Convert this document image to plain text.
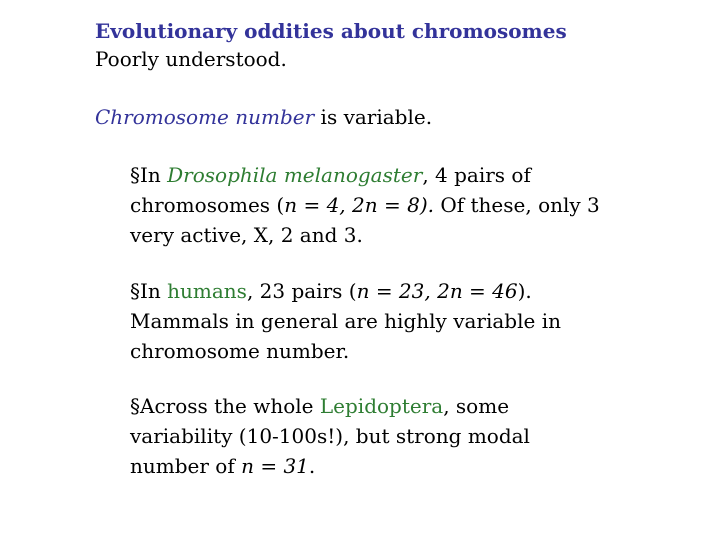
Evolutionary oddities about chromosomes
Poorly understood.
Chromosome number is variable.
§In Drosophila melanogaster, 4 pairs of
chromosomes (n = 4, 2n = 8). Of these, only 3
very active, X, 2 and 3.
§In humans, 23 pairs (n = 23, 2n = 46).
Mammals in general are highly variable in
chromosome number.
§Across the whole Lepidoptera, some
variability (10-100s!), but strong modal
number of n = 31.
